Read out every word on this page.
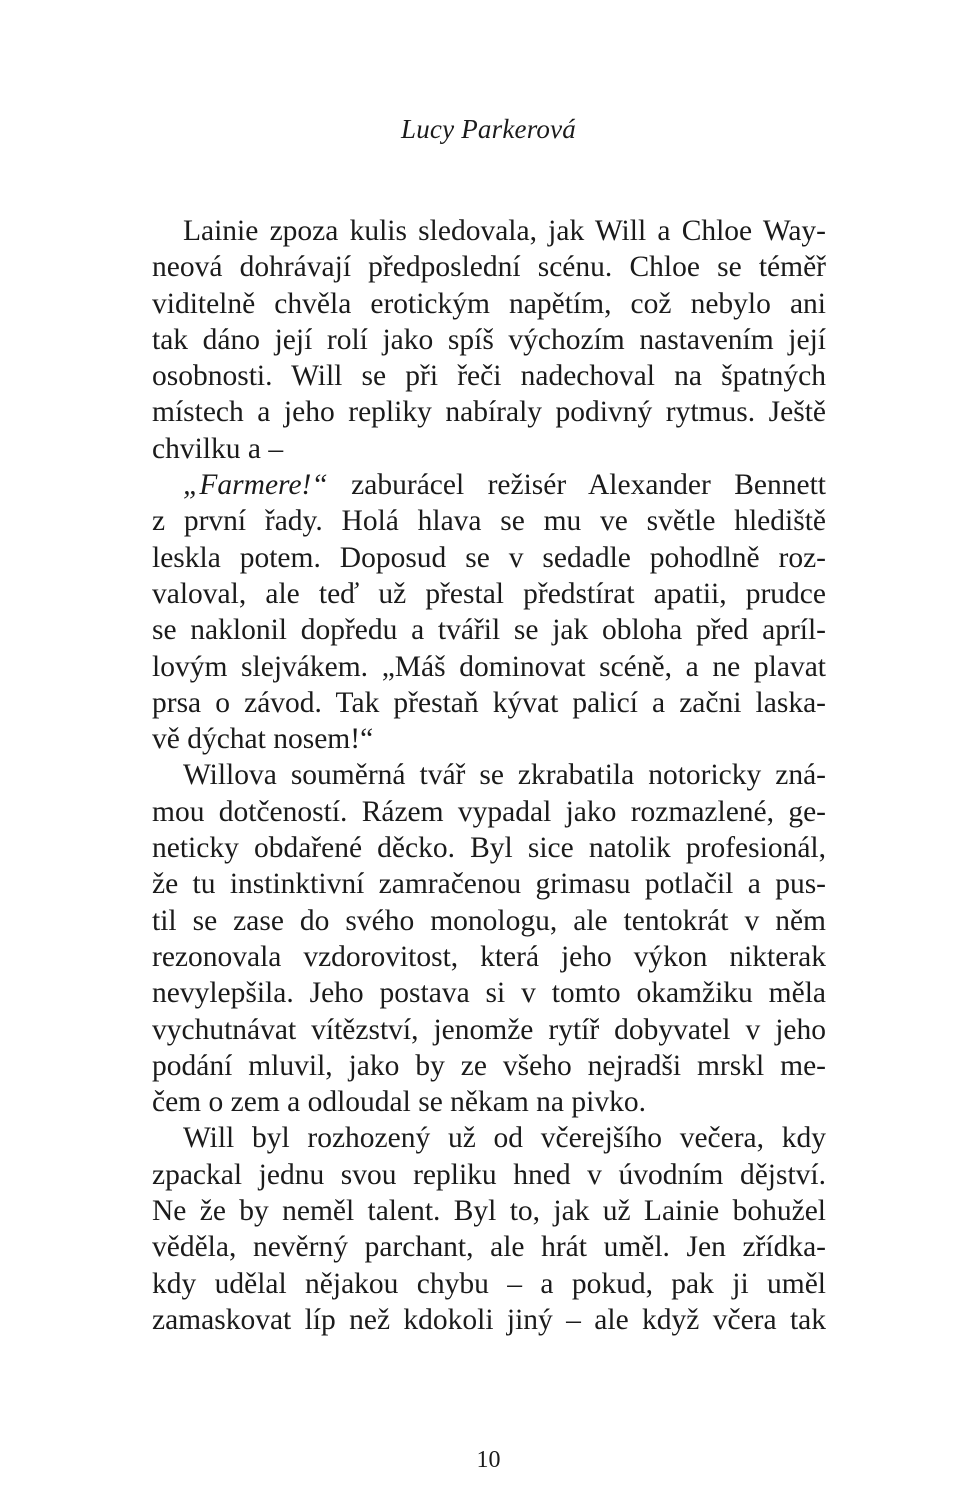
Lucy Parkerová
Lainie zpoza kulis sledovala, jak Will a Chloe Way-
neová dohrávají předposlední scénu. Chloe se téměř
viditelně chvěla erotickým napětím, což nebylo ani
tak dáno její rolí jako spíš výchozím nastavením její
osobnosti. Will se při řeči nadechoval na špatných
místech a jeho repliky nabíraly podivný rytmus. Ještě
chvilku a –
„Farmere!“ zaburácel režisér Alexander Bennett
z první řady. Holá hlava se mu ve světle hlediště
leskla potem. Doposud se v sedadle pohodlně roz-
valoval, ale teď už přestal předstírat apatii, prudce
se naklonil dopředu a tvářil se jak obloha před apríl-
lovým slejvákem. „Máš dominovat scéně, a ne plavat
prsa o závod. Tak přestaň kývat palicí a začni laska-
vě dýchat nosem!“
Willova souměrná tvář se zkrabatila notoricky zná-
mou dotčeností. Rázem vypadal jako rozmazlené, ge-
neticky obdařené děcko. Byl sice natolik profesionál,
že tu instinktivní zamračenou grimasu potlačil a pus-
til se zase do svého monologu, ale tentokrát v něm
rezonovala vzdorovitost, která jeho výkon nikterak
nevylepšila. Jeho postava si v tomto okamžiku měla
vychutnávat vítězství, jenomže rytíř dobyvatel v jeho
podání mluvil, jako by ze všeho nejradši mrskl me-
čem o zem a odloudal se někam na pivko.
Will byl rozhozený už od včerejšího večera, kdy
zpackal jednu svou repliku hned v úvodním dějství.
Ne že by neměl talent. Byl to, jak už Lainie bohužel
věděla, nevěrný parchant, ale hrát uměl. Jen zřídka-
kdy udělal nějakou chybu – a pokud, pak ji uměl
zamaskovat líp než kdokoli jiný – ale když včera tak
10
